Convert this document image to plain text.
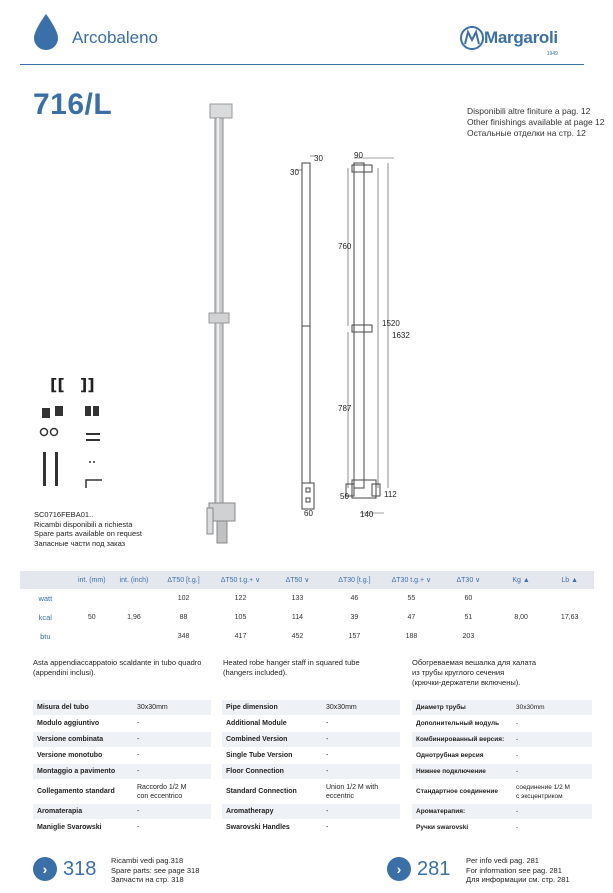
Arcobaleno	Margaroli
1949
716/L	Disponibili altre finiture a pag. 12
Other finishings available at page 12
Остальные отделки на стр. 12
30
30
60
90
760
1520
1632
787
50	112
140
[[ ]]
SC0716FEBA01..
Ricambi disponibili a richiesta
Spare parts available on request
Запасные части под заказ
	int. (mm)	int. (inch)	ΔT50 [t.g.]	ΔT50 t.g.+ ∨	ΔT50 ∨	ΔT30 [t.g.]	ΔT30 t.g.+ ∨	ΔT30 ∨	Kg ▲	Lb ▲
watt	50	1,96	102	122	133	46	55	60	8,00	17,63
kcal			88	105	114	39	47	51		
btu			348	417	452	157	188	203		
Asta appendiaccappatoio scaldante in tubo quadro
(appendini inclusi).
Heated robe hanger staff in squared tube
(hangers included).
Обогреваемая вешалка для халата
из трубы круглого сечения
(крючки-держатели включены).
Misura del tubo	30x30mm
Modulo aggiuntivo	-
Versione combinata	-
Versione monotubo	-
Montaggio a pavimento	-
Collegamento standard
Raccordo 1/2 M
con eccentrico
Aromaterapia	-
Maniglie Svarowski	-
Pipe dimension	30x30mm
Additional Module	-
Combined Version	-
Single Tube Version	-
Floor Connection	-
Standard Connection
Union 1/2 M with
eccentric
Aromatherapy	-
Swarovski Handles	-
Диаметр трубы	30x30mm
Дополнительный модуль	-
Комбинированный версия:	-
Однотрубная версия	-
Нижнее подключение	-
Стандартное соединение
соединение 1/2 M
с эксцентриком
Ароматерапия:	-
Ручки swarovski	-
› 318 Ricambi vedi pag.318
Spare parts: see page 318
Запчасти на стр. 318
› 281 Per info vedi pag. 281
For information see pag. 281
Для информации см. стр. 281
